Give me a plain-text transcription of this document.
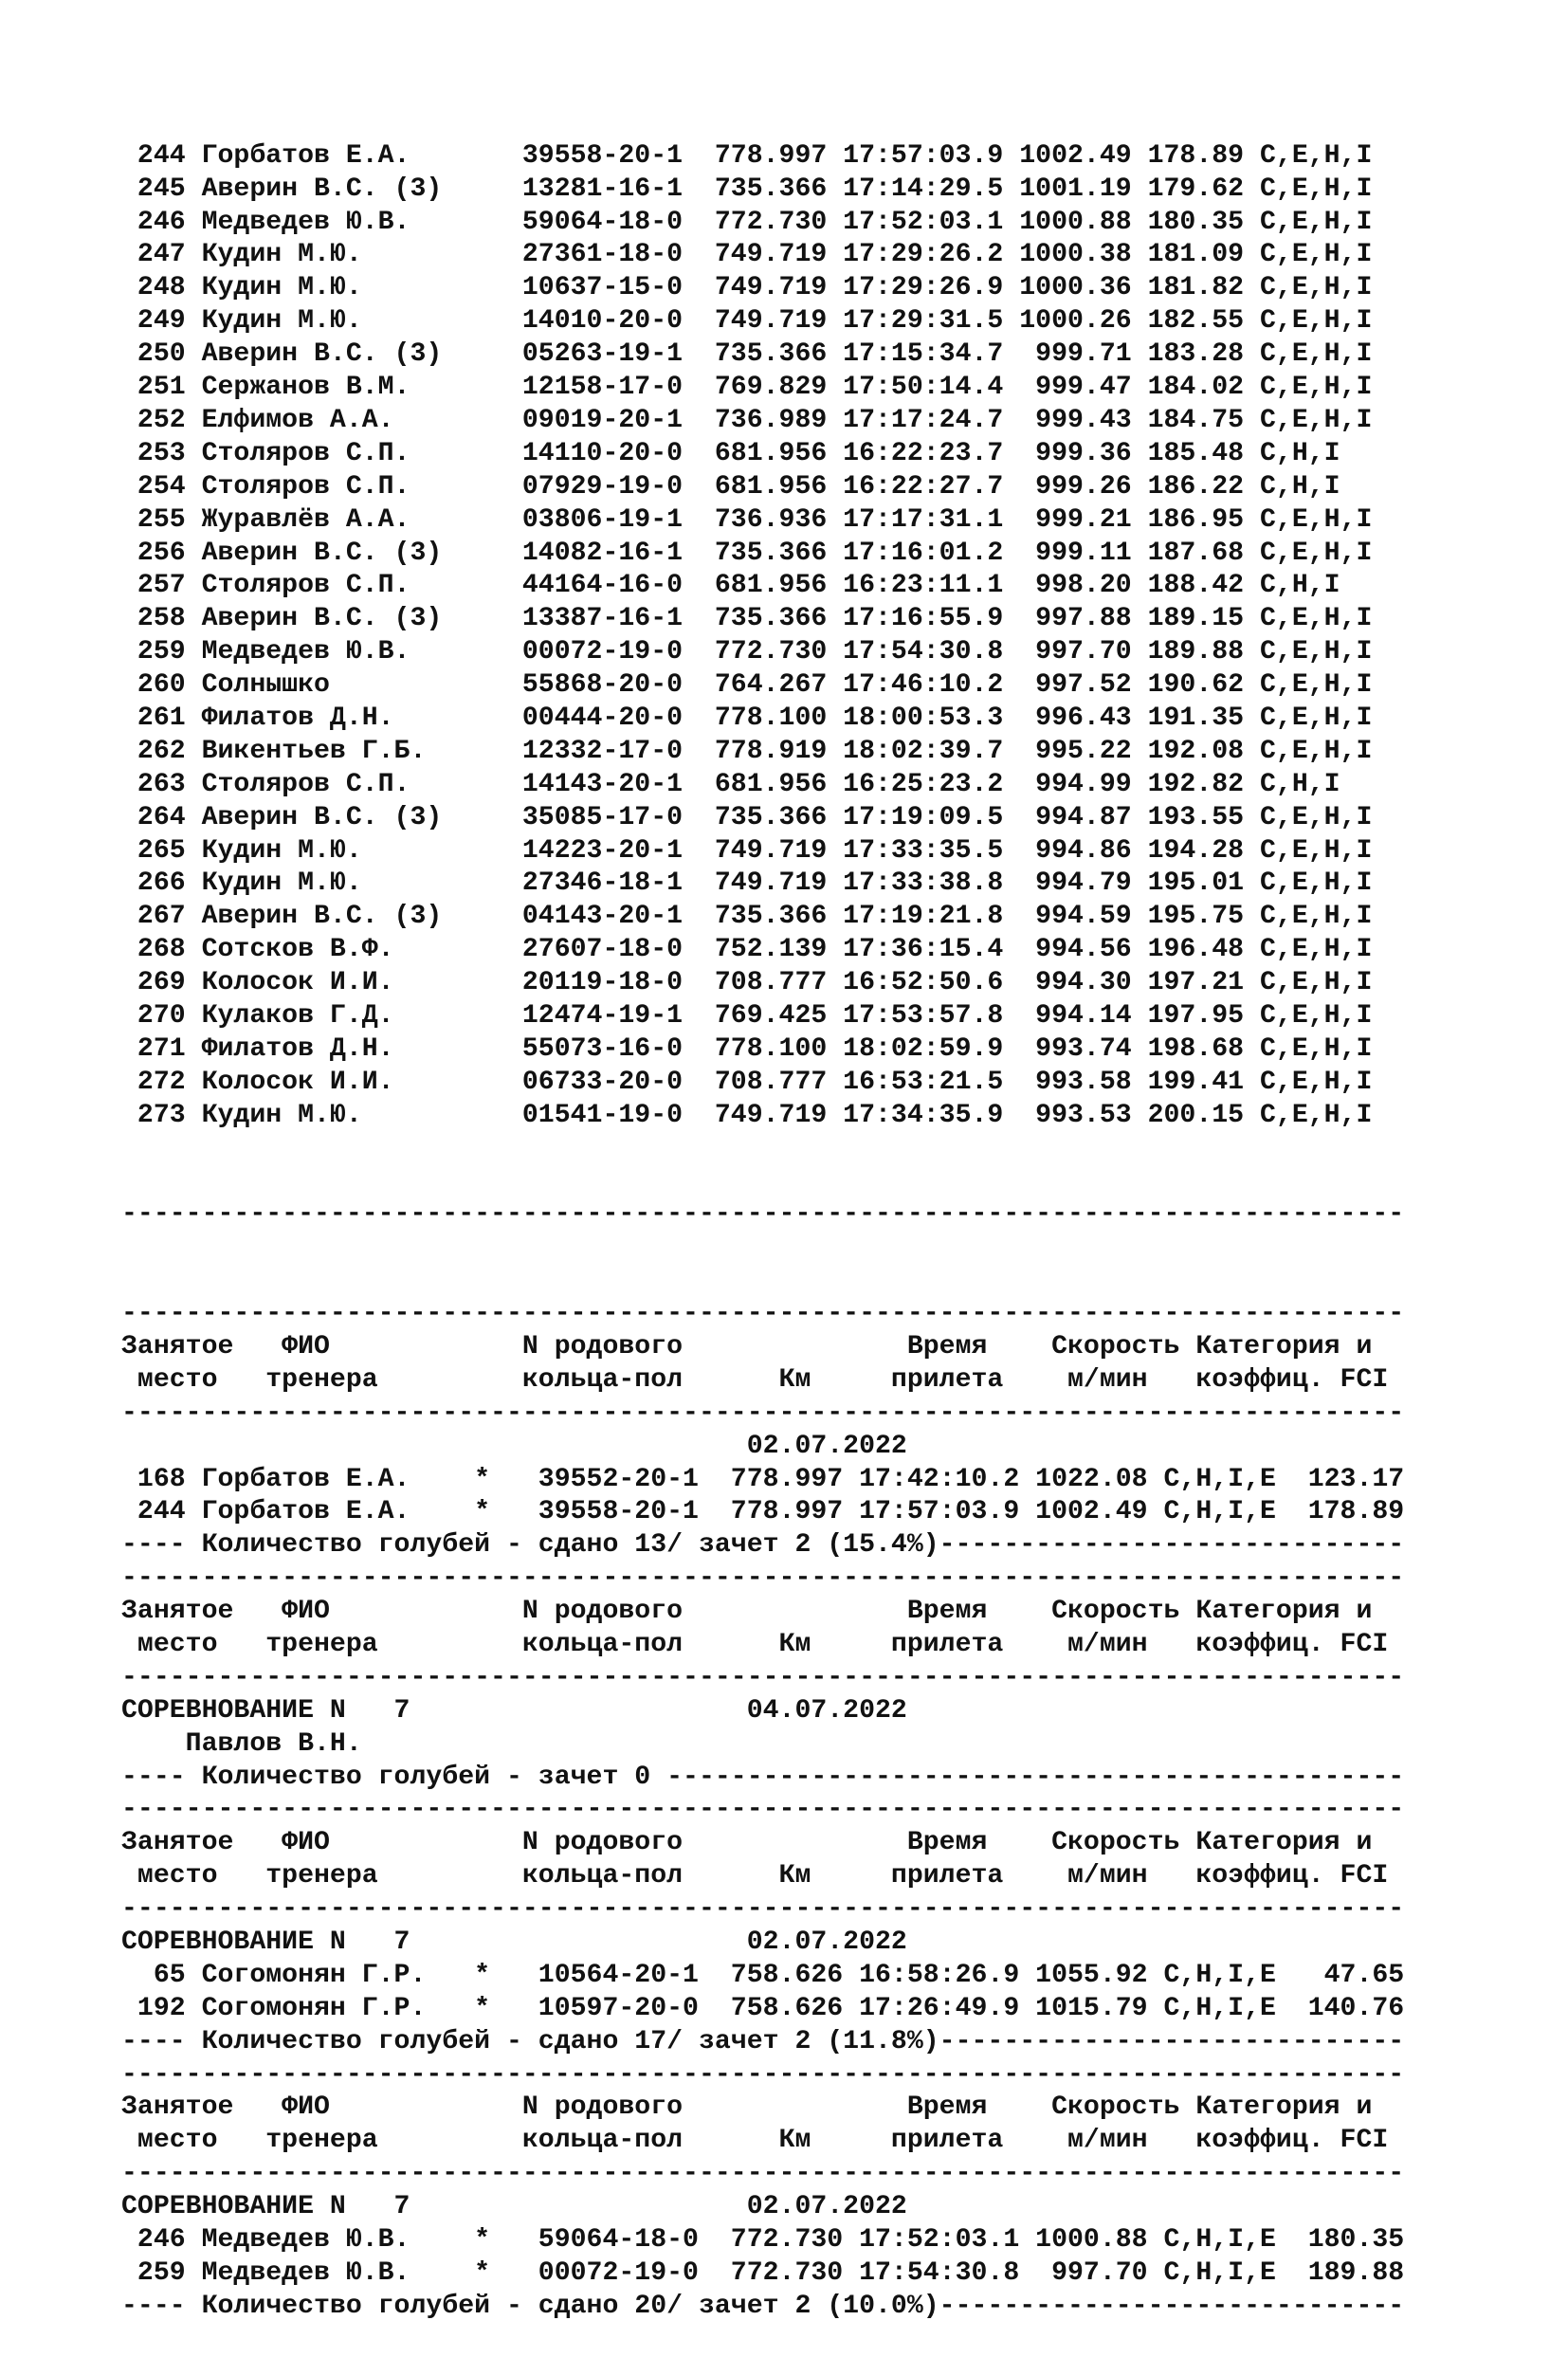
244 Горбатов Е.А.       39558-20-1  778.997 17:57:03.9 1002.49 178.89 C,E,H,I
245 Аверин В.С. (3)     13281-16-1  735.366 17:14:29.5 1001.19 179.62 C,E,H,I
246 Медведев Ю.В.       59064-18-0  772.730 17:52:03.1 1000.88 180.35 C,E,H,I
247 Кудин М.Ю.          27361-18-0  749.719 17:29:26.2 1000.38 181.09 C,E,H,I
248 Кудин М.Ю.          10637-15-0  749.719 17:29:26.9 1000.36 181.82 C,E,H,I
249 Кудин М.Ю.          14010-20-0  749.719 17:29:31.5 1000.26 182.55 C,E,H,I
250 Аверин В.С. (3)     05263-19-1  735.366 17:15:34.7  999.71 183.28 C,E,H,I
251 Сержанов В.М.       12158-17-0  769.829 17:50:14.4  999.47 184.02 C,E,H,I
252 Елфимов А.А.        09019-20-1  736.989 17:17:24.7  999.43 184.75 C,E,H,I
253 Столяров С.П.       14110-20-0  681.956 16:22:23.7  999.36 185.48 C,H,I
254 Столяров С.П.       07929-19-0  681.956 16:22:27.7  999.26 186.22 C,H,I
255 Журавлёв А.А.       03806-19-1  736.936 17:17:31.1  999.21 186.95 C,E,H,I
256 Аверин В.С. (3)     14082-16-1  735.366 17:16:01.2  999.11 187.68 C,E,H,I
257 Столяров С.П.       44164-16-0  681.956 16:23:11.1  998.20 188.42 C,H,I
258 Аверин В.С. (3)     13387-16-1  735.366 17:16:55.9  997.88 189.15 C,E,H,I
259 Медведев Ю.В.       00072-19-0  772.730 17:54:30.8  997.70 189.88 C,E,H,I
260 Солнышко            55868-20-0  764.267 17:46:10.2  997.52 190.62 C,E,H,I
261 Филатов Д.Н.        00444-20-0  778.100 18:00:53.3  996.43 191.35 C,E,H,I
262 Викентьев Г.Б.      12332-17-0  778.919 18:02:39.7  995.22 192.08 C,E,H,I
263 Столяров С.П.       14143-20-1  681.956 16:25:23.2  994.99 192.82 C,H,I
264 Аверин В.С. (3)     35085-17-0  735.366 17:19:09.5  994.87 193.55 C,E,H,I
265 Кудин М.Ю.          14223-20-1  749.719 17:33:35.5  994.86 194.28 C,E,H,I
266 Кудин М.Ю.          27346-18-1  749.719 17:33:38.8  994.79 195.01 C,E,H,I
267 Аверин В.С. (3)     04143-20-1  735.366 17:19:21.8  994.59 195.75 C,E,H,I
268 Сотсков В.Ф.        27607-18-0  752.139 17:36:15.4  994.56 196.48 C,E,H,I
269 Колосок И.И.        20119-18-0  708.777 16:52:50.6  994.30 197.21 C,E,H,I
270 Кулаков Г.Д.        12474-19-1  769.425 17:53:57.8  994.14 197.95 C,E,H,I
271 Филатов Д.Н.        55073-16-0  778.100 18:02:59.9  993.74 198.68 C,E,H,I
272 Колосок И.И.        06733-20-0  708.777 16:53:21.5  993.58 199.41 C,E,H,I
273 Кудин М.Ю.          01541-19-0  749.719 17:34:35.9  993.53 200.15 C,E,H,I

--------------------------------------------------------------------------------

--------------------------------------------------------------------------------
Занятое   ФИО            N родового              Время    Скорость Категория и
место   тренера         кольца-пол      Км     прилета    м/мин   коэффиц. FCI
--------------------------------------------------------------------------------
02.07.2022
168 Горбатов Е.А.    *   39552-20-1  778.997 17:42:10.2 1022.08 C,H,I,E  123.17
244 Горбатов Е.А.    *   39558-20-1  778.997 17:57:03.9 1002.49 C,H,I,E  178.89
---- Количество голубей - сдано 13/ зачет 2 (15.4%)-----------------------------
--------------------------------------------------------------------------------
Занятое   ФИО            N родового              Время    Скорость Категория и
место   тренера         кольца-пол      Км     прилета    м/мин   коэффиц. FCI
--------------------------------------------------------------------------------
СОРЕВНОВАНИЕ N   7                     04.07.2022
Павлов В.Н.
---- Количество голубей - зачет 0 ----------------------------------------------
--------------------------------------------------------------------------------
Занятое   ФИО            N родового              Время    Скорость Категория и
место   тренера         кольца-пол      Км     прилета    м/мин   коэффиц. FCI
--------------------------------------------------------------------------------
СОРЕВНОВАНИЕ N   7                     02.07.2022
65 Согомонян Г.Р.   *   10564-20-1  758.626 16:58:26.9 1055.92 C,H,I,E   47.65
192 Согомонян Г.Р.   *   10597-20-0  758.626 17:26:49.9 1015.79 C,H,I,E  140.76
---- Количество голубей - сдано 17/ зачет 2 (11.8%)-----------------------------
--------------------------------------------------------------------------------
Занятое   ФИО            N родового              Время    Скорость Категория и
место   тренера         кольца-пол      Км     прилета    м/мин   коэффиц. FCI
--------------------------------------------------------------------------------
СОРЕВНОВАНИЕ N   7                     02.07.2022
246 Медведев Ю.В.    *   59064-18-0  772.730 17:52:03.1 1000.88 C,H,I,E  180.35
259 Медведев Ю.В.    *   00072-19-0  772.730 17:54:30.8  997.70 C,H,I,E  189.88
---- Количество голубей - сдано 20/ зачет 2 (10.0%)-----------------------------
